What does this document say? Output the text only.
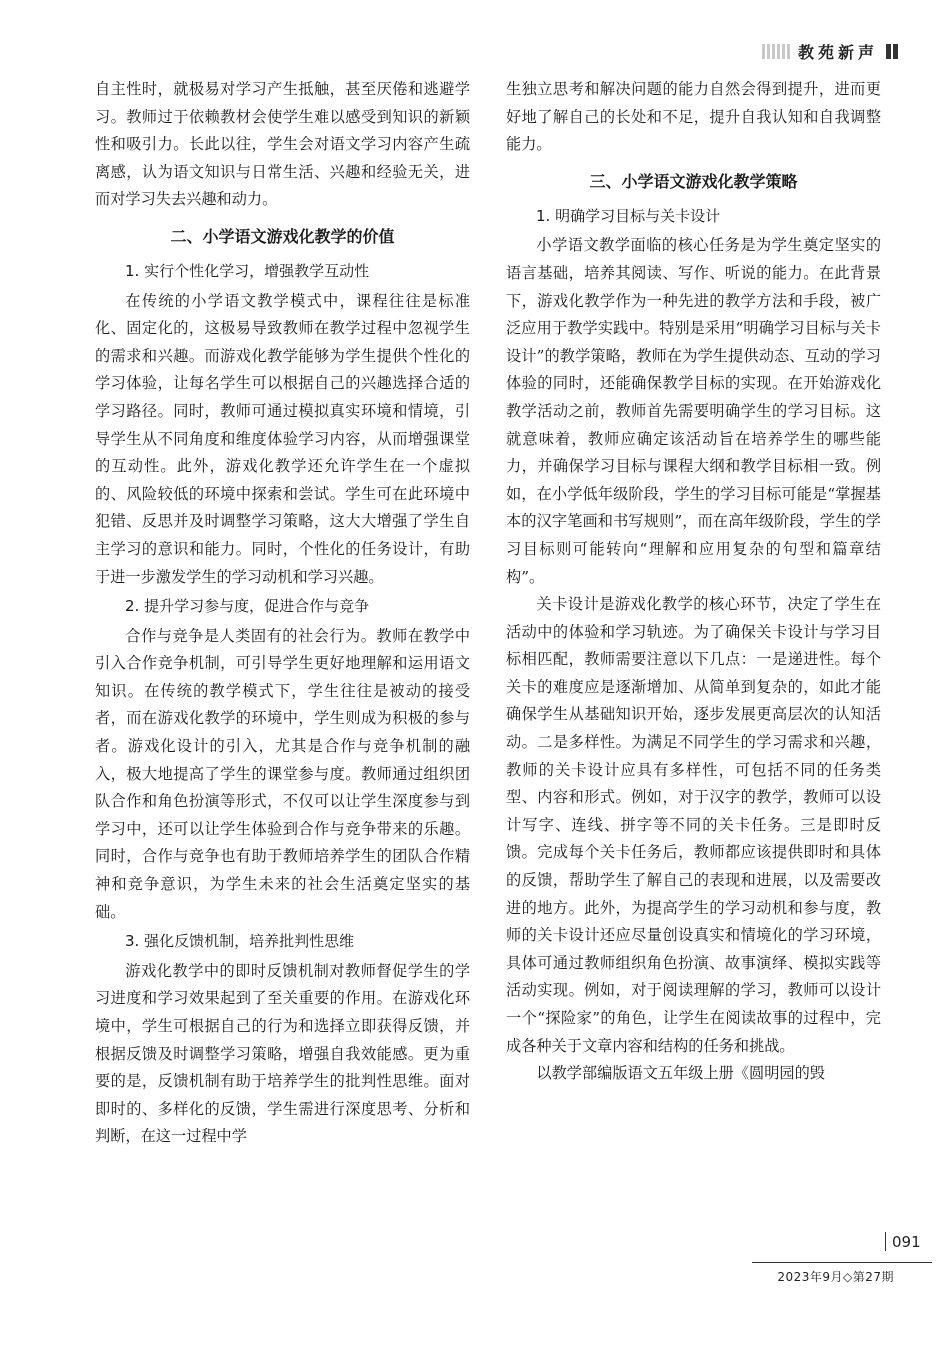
教苑新声

自主性时，就极易对学习产生抵触，甚至厌倦和逃避学习。教师过于依赖教材会使学生难以感受到知识的新颖性和吸引力。长此以往，学生会对语文学习内容产生疏离感，认为语文知识与日常生活、兴趣和经验无关，进而对学习失去兴趣和动力。

二、小学语文游戏化教学的价值
1. 实行个性化学习，增强教学互动性

在传统的小学语文教学模式中，课程往往是标准化、固定化的，这极易导致教师在教学过程中忽视学生的需求和兴趣。而游戏化教学能够为学生提供个性化的学习体验，让每名学生可以根据自己的兴趣选择合适的学习路径。同时，教师可通过模拟真实环境和情境，引导学生从不同角度和维度体验学习内容，从而增强课堂的互动性。此外，游戏化教学还允许学生在一个虚拟的、风险较低的环境中探索和尝试。学生可在此环境中犯错、反思并及时调整学习策略，这大大增强了学生自主学习的意识和能力。同时，个性化的任务设计，有助于进一步激发学生的学习动机和学习兴趣。

2. 提升学习参与度，促进合作与竞争

合作与竞争是人类固有的社会行为。教师在教学中引入合作竞争机制，可引导学生更好地理解和运用语文知识。在传统的教学模式下，学生往往是被动的接受者，而在游戏化教学的环境中，学生则成为积极的参与者。游戏化设计的引入，尤其是合作与竞争机制的融入，极大地提高了学生的课堂参与度。教师通过组织团队合作和角色扮演等形式，不仅可以让学生深度参与到学习中，还可以让学生体验到合作与竞争带来的乐趣。同时，合作与竞争也有助于教师培养学生的团队合作精神和竞争意识，为学生未来的社会生活奠定坚实的基础。

3. 强化反馈机制，培养批判性思维

游戏化教学中的即时反馈机制对教师督促学生的学习进度和学习效果起到了至关重要的作用。在游戏化环境中，学生可根据自己的行为和选择立即获得反馈，并根据反馈及时调整学习策略，增强自我效能感。更为重要的是，反馈机制有助于培养学生的批判性思维。面对即时的、多样化的反馈，学生需进行深度思考、分析和判断，在这一过程中学

生独立思考和解决问题的能力自然会得到提升，进而更好地了解自己的长处和不足，提升自我认知和自我调整能力。

三、小学语文游戏化教学策略
1. 明确学习目标与关卡设计

小学语文教学面临的核心任务是为学生奠定坚实的语言基础，培养其阅读、写作、听说的能力。在此背景下，游戏化教学作为一种先进的教学方法和手段，被广泛应用于教学实践中。特别是采用“明确学习目标与关卡设计”的教学策略，教师在为学生提供动态、互动的学习体验的同时，还能确保教学目标的实现。在开始游戏化教学活动之前，教师首先需要明确学生的学习目标。这就意味着，教师应确定该活动旨在培养学生的哪些能力，并确保学习目标与课程大纲和教学目标相一致。例如，在小学低年级阶段，学生的学习目标可能是“掌握基本的汉字笔画和书写规则”，而在高年级阶段，学生的学习目标则可能转向“理解和应用复杂的句型和篇章结构”。

关卡设计是游戏化教学的核心环节，决定了学生在活动中的体验和学习轨迹。为了确保关卡设计与学习目标相匹配，教师需要注意以下几点：一是递进性。每个关卡的难度应是逐渐增加、从简单到复杂的，如此才能确保学生从基础知识开始，逐步发展更高层次的认知活动。二是多样性。为满足不同学生的学习需求和兴趣，教师的关卡设计应具有多样性，可包括不同的任务类型、内容和形式。例如，对于汉字的教学，教师可以设计写字、连线、拼字等不同的关卡任务。三是即时反馈。完成每个关卡任务后，教师都应该提供即时和具体的反馈，帮助学生了解自己的表现和进展，以及需要改进的地方。此外，为提高学生的学习动机和参与度，教师的关卡设计还应尽量创设真实和情境化的学习环境，具体可通过教师组织角色扮演、故事演绎、模拟实践等活动实现。例如，对于阅读理解的学习，教师可以设计一个“探险家”的角色，让学生在阅读故事的过程中，完成各种关于文章内容和结构的任务和挑战。

以教学部编版语文五年级上册《圆明园的毁

091
2023年9月◇第27期
